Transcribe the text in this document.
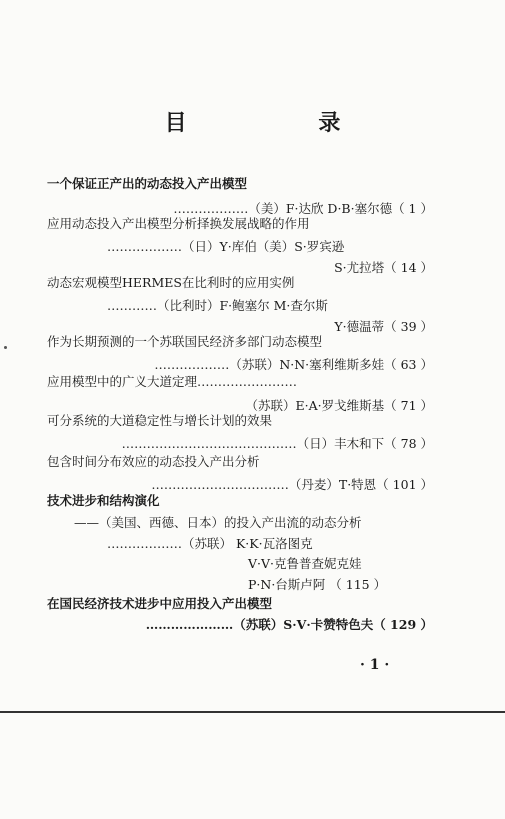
目 录
一个保证正产出的动态投入产出模型
………………（美）F·达欣 D·B·塞尔德（ 1 ）
应用动态投入产出模型分析择换发展战略的作用
………………（日）Y·库伯（美）S·罗宾逊
S·尤拉塔（ 14 ）
动态宏观模型HERMES在比利时的应用实例
…………（比利时）F·鲍塞尔 M·查尔斯
Y·德温蒂（ 39 ）
作为长期预测的一个苏联国民经济多部门动态模型
………………（苏联）N·N·塞利维斯多娃（ 63 ）
应用模型中的广义大道定理……………………
（苏联）E·A·罗戈维斯基（ 71 ）
可分系统的大道稳定性与增长计划的效果
……………………………………（日）丰木和下（ 78 ）
包含时间分布效应的动态投入产出分析
……………………………（丹麦）T·特恩（ 101 ）
技术进步和结构演化
——（美国、西德、日本）的投入产出流的动态分析
………………（苏联） K·K·瓦洛图克
V·V·克鲁普查妮克娃
P·N·台斯卢阿 （ 115 ）
在国民经济技术进步中应用投入产出模型
…………………（苏联）S·V·卡赞特色夫（ 129 ）
· 1 ·
